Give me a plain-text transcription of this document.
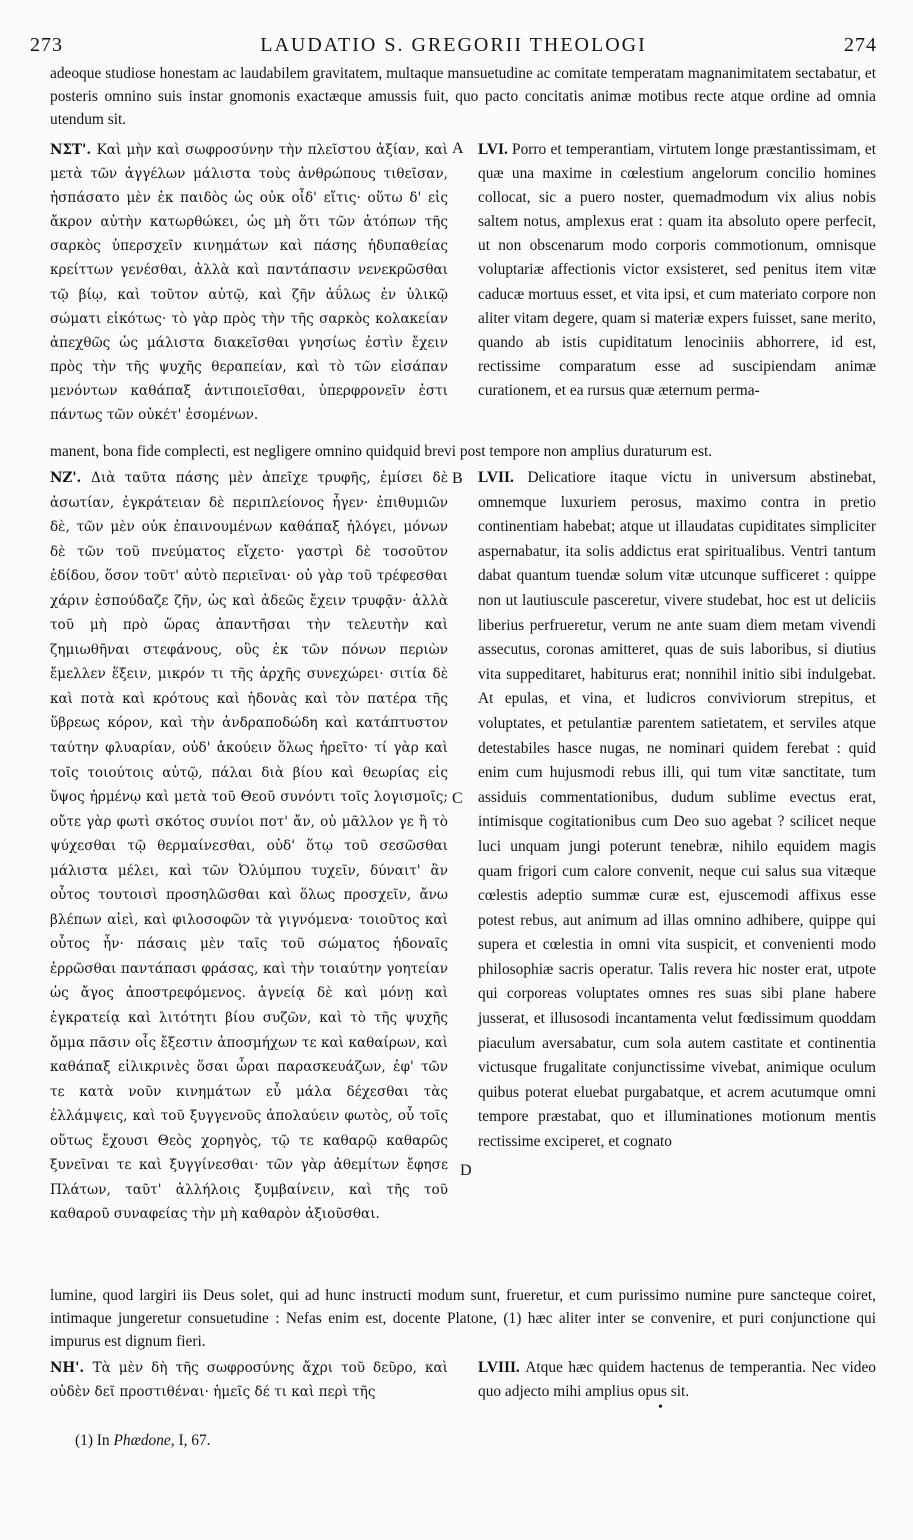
273	LAUDATIO S. GREGORII THEOLOGI	274
adeoque studiose honestam ac laudabilem gravitatem, multaque mansuetudine ac comitate temperatam magnanimitatem sectabatur, et posteris omnino suis instar gnomonis exactæque amussis fuit, quo pacto concitatis animæ motibus recte atque ordine ad omnia utendum sit.
ΝΣΤ'. Καὶ μὴν καὶ σωφροσύνην τὴν πλεῖστου ἀξίαν, καὶ μετὰ τῶν ἀγγέλων μάλιστα τοὺς ἀνθρώπους τιθεῖσαν, ἠσπάσατο μὲν ἐκ παιδὸς ὡς οὐκ οἶδ' εἴτις· οὕτω δ' εἰς ἄκρον αὐτὴν κατωρθώκει, ὡς μὴ ὅτι τῶν ἀτόπων τῆς σαρκὸς ὑπερσχεῖν κινημάτων καὶ πάσης ἡδυπαθείας κρείττων γενέσθαι, ἀλλὰ καὶ παντάπασιν νενεκρῶσθαι τῷ βίῳ, καὶ τοῦτον αὐτῷ, καὶ ζῆν ἀΰλως ἐν ὑλικῷ σώματι εἰκότως· τὸ γὰρ πρὸς τὴν τῆς σαρκὸς κολακείαν ἀπεχθῶς ὡς μάλιστα διακεῖσθαι γνησίως ἐστὶν ἔχειν πρὸς τὴν τῆς ψυχῆς θεραπείαν, καὶ τὸ τῶν εἰσάπαν μενόντων καθάπαξ ἀντιποιεῖσθαι, ὑπερφρονεῖν ἐστι πάντως τῶν οὐκέτ' ἐσομένων.
LVI. Porro et temperantiam, virtutem longe præstantissimam, et quæ una maxime in cœlestium angelorum concilio homines collocat, sic a puero noster, quemadmodum vix alius nobis saltem notus, amplexus erat : quam ita absoluto opere perfecit, ut non obscenarum modo corporis commotionum, omnisque voluptariæ affectionis victor exsisteret, sed penitus item vitæ caducæ mortuus esset, et vita ipsi, et cum materiato corpore non aliter vitam degere, quam si materiæ expers fuisset, sane merito, quando ab istis cupiditatum lenociniis abhorrere, id est, rectissime comparatum esse ad suscipiendam animæ curationem, et ea rursus quæ æternum perma-
manent, bona fide complecti, est negligere omnino quidquid brevi post tempore non amplius duraturum est.
ΝΖ'. Διὰ ταῦτα πάσης μὲν ἀπεῖχε τρυφῆς, ἐμίσει δὲ ἀσωτίαν, ἐγκράτειαν δὲ περιπλείονος ἦγεν· ἐπιθυμιῶν δὲ, τῶν μὲν οὐκ ἐπαινουμένων καθάπαξ ἠλόγει, μόνων δὲ τῶν τοῦ πνεύματος εἴχετο· γαστρὶ δὲ τοσοῦτον ἐδίδου, ὅσον τοῦτ' αὐτὸ περιεῖναι· οὐ γὰρ τοῦ τρέφεσθαι χάριν ἐσπούδαζε ζῆν, ὡς καὶ ἀδεῶς ἔχειν τρυφᾷν· ἀλλὰ τοῦ μὴ πρὸ ὥρας ἀπαντῆσαι τὴν τελευτὴν καὶ ζημιωθῆναι στεφάνους, οὓς ἐκ τῶν πόνων περιὼν ἔμελλεν ἕξειν, μικρόν τι τῆς ἀρχῆς συνεχώρει· σιτία δὲ καὶ ποτὰ καὶ κρότους καὶ ἡδονὰς καὶ τὸν πατέρα τῆς ὕβρεως κόρον, καὶ τὴν ἀνδραποδώδη καὶ κατάπτυστον ταύτην φλυαρίαν, οὐδ' ἀκούειν ὅλως ἠρεῖτο· τί γὰρ καὶ τοῖς τοιούτοις αὐτῷ, πάλαι διὰ βίου καὶ θεωρίας εἰς ὕψος ἠρμένῳ καὶ μετὰ τοῦ Θεοῦ συνόντι τοῖς λογισμοῖς; οὔτε γὰρ φωτὶ σκότος συνίοι ποτ' ἄν, οὐ μᾶλλον γε ἢ τὸ ψύχεσθαι τῷ θερμαίνεσθαι, οὐδ' ὅτῳ τοῦ σεσῶσθαι μάλιστα μέλει, καὶ τῶν Ὀλύμπου τυχεῖν, δύναιτ' ἂν οὗτος τουτοισὶ προσηλῶσθαι καὶ ὅλως προσχεῖν, ἄνω βλέπων αἰεὶ, καὶ φιλοσοφῶν τὰ γιγνόμενα· τοιοῦτος καὶ οὗτος ἦν· πάσαις μὲν ταῖς τοῦ σώματος ἡδοναῖς ἐρρῶσθαι παντάπασι φράσας, καὶ τὴν τοιαύτην γοητείαν ὡς ἄγος ἀποστρεφόμενος. ἁγνείᾳ δὲ καὶ μόνῃ καὶ ἐγκρατείᾳ καὶ λιτότητι βίου συζῶν, καὶ τὸ τῆς ψυχῆς ὄμμα πᾶσιν οἷς ἔξεστιν ἀποσμήχων τε καὶ καθαίρων, καὶ καθάπαξ εἰλικρινὲς ὅσαι ὧραι παρασκευάζων, ἐφ' τῶν τε κατὰ νοῦν κινημάτων εὖ μάλα δέχεσθαι τὰς ἐλλάμψεις, καὶ τοῦ ξυγγενοῦς ἀπολαύειν φωτὸς, οὗ τοῖς οὕτως ἔχουσι Θεὸς χορηγὸς, τῷ τε καθαρῷ καθαρῶς ξυνεῖναι τε καὶ ξυγγίνεσθαι· τῶν γὰρ ἀθεμίτων ἔφησε Πλάτων, ταῦτ' ἀλλήλοις ξυμβαίνειν, καὶ τῆς τοῦ καθαροῦ συναφείας τὴν μὴ καθαρὸν ἀξιοῦσθαι.
LVII. Delicatiore itaque victu in universum abstinebat, omnemque luxuriem perosus, maximo contra in pretio continentiam habebat; atque ut illaudatas cupiditates simpliciter aspernabatur, ita solis addictus erat spiritualibus. Ventri tantum dabat quantum tuendæ solum vitæ utcunque sufficeret : quippe non ut lautiuscule pasceretur, vivere studebat, hoc est ut deliciis liberius perfrueretur, verum ne ante suam diem metam vivendi assecutus, coronas amitteret, quas de suis laboribus, si diutius vita suppeditaret, habiturus erat; nonnihil initio sibi indulgebat. At epulas, et vina, et ludicros conviviorum strepitus, et voluptates, et petulantiæ parentem satietatem, et serviles atque detestabiles hasce nugas, ne nominari quidem ferebat : quid enim cum hujusmodi rebus illi, qui tum vitæ sanctitate, tum assiduis commentationibus, dudum sublime evectus erat, intimisque cogitationibus cum Deo suo agebat ? scilicet neque luci unquam jungi poterunt tenebræ, nihilo equidem magis quam frigori cum calore convenit, neque cui salus sua vitæque cœlestis adeptio summæ curæ est, ejuscemodi affixus esse potest rebus, aut animum ad illas omnino adhibere, quippe qui supera et cœlestia in omni vita suspicit, et convenienti modo philosophiæ sacris operatur. Talis revera hic noster erat, utpote qui corporeas voluptates omnes res suas sibi plane habere jusserat, et illusosodi incantamenta velut fœdissimum quoddam piaculum aversabatur, cum sola autem castitate et continentia victusque frugalitate conjunctissime vivebat, animique oculum quibus poterat eluebat purgabatque, et acrem acutumque omni tempore præstabat, quo et illuminationes motionum mentis rectissime exciperet, et cognato
lumine, quod largiri iis Deus solet, qui ad hunc instructi modum sunt, frueretur, et cum purissimo numine pure sancteque coiret, intimaque jungeretur consuetudine : Nefas enim est, docente Platone, (1) hæc aliter inter se convenire, et puri conjunctione qui impurus est dignum fieri.
ΝΗ'. Τὰ μὲν δὴ τῆς σωφροσύνης ἄχρι τοῦ δεῦρο, καὶ οὐδὲν δεῖ προστιθέναι· ἡμεῖς δέ τι καὶ περὶ τῆς
LVIII. Atque hæc quidem hactenus de temperantia. Nec video quo adjecto mihi amplius opus sit.
A
B
C
D
•
(1) In Phædone, I, 67.
